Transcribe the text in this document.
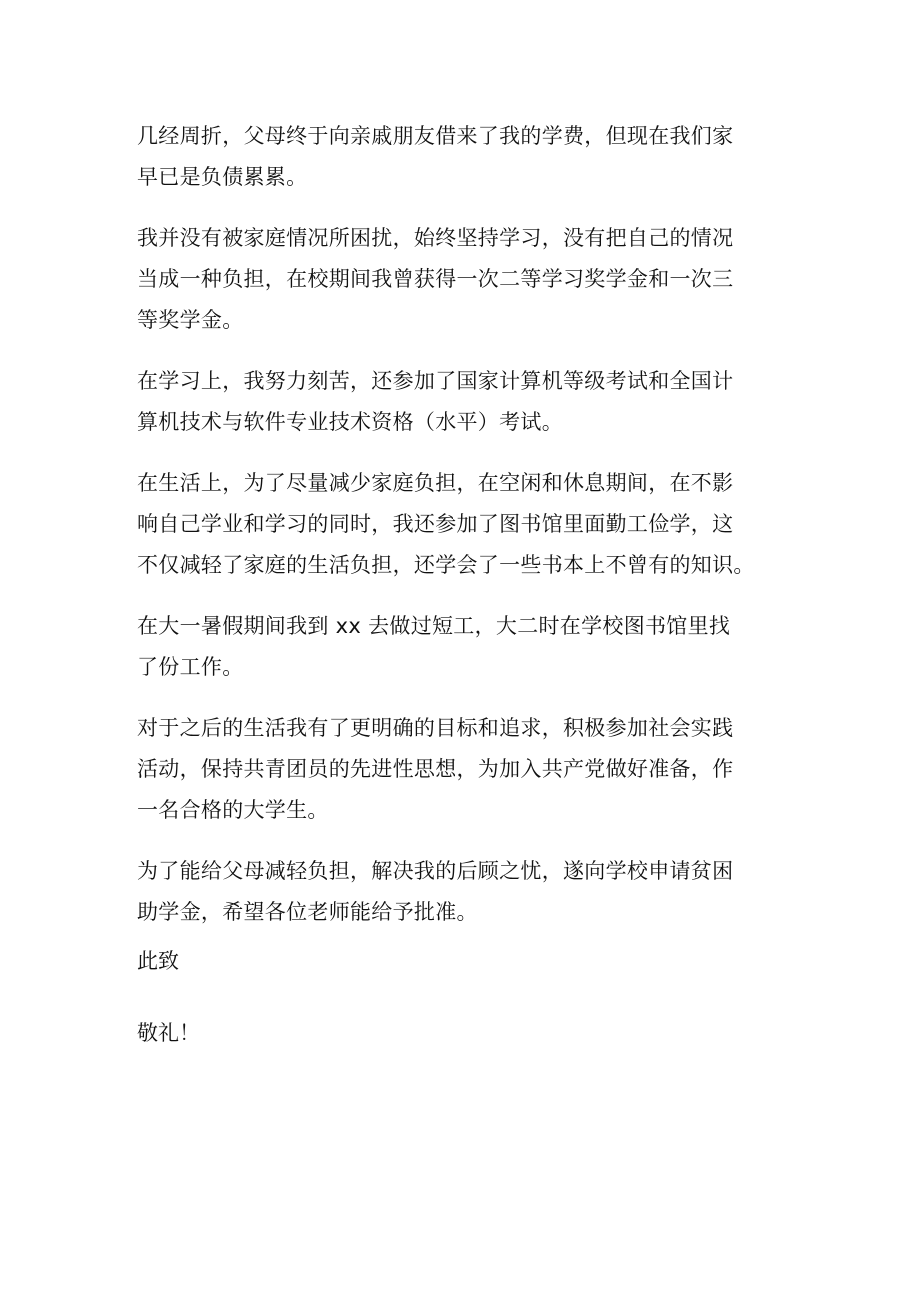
几经周折，父母终于向亲戚朋友借来了我的学费，但现在我们家
早已是负债累累。

我并没有被家庭情况所困扰，始终坚持学习，没有把自己的情况
当成一种负担，在校期间我曾获得一次二等学习奖学金和一次三
等奖学金。

在学习上，我努力刻苦，还参加了国家计算机等级考试和全国计
算机技术与软件专业技术资格（水平）考试。

在生活上，为了尽量减少家庭负担，在空闲和休息期间，在不影
响自己学业和学习的同时，我还参加了图书馆里面勤工俭学，这
不仅减轻了家庭的生活负担，还学会了一些书本上不曾有的知识。

在大一暑假期间我到 xx 去做过短工，大二时在学校图书馆里找
了份工作。

对于之后的生活我有了更明确的目标和追求，积极参加社会实践
活动，保持共青团员的先进性思想，为加入共产党做好准备，作
一名合格的大学生。

为了能给父母减轻负担，解决我的后顾之忧，遂向学校申请贫困
助学金，希望各位老师能给予批准。

此致

敬礼！
